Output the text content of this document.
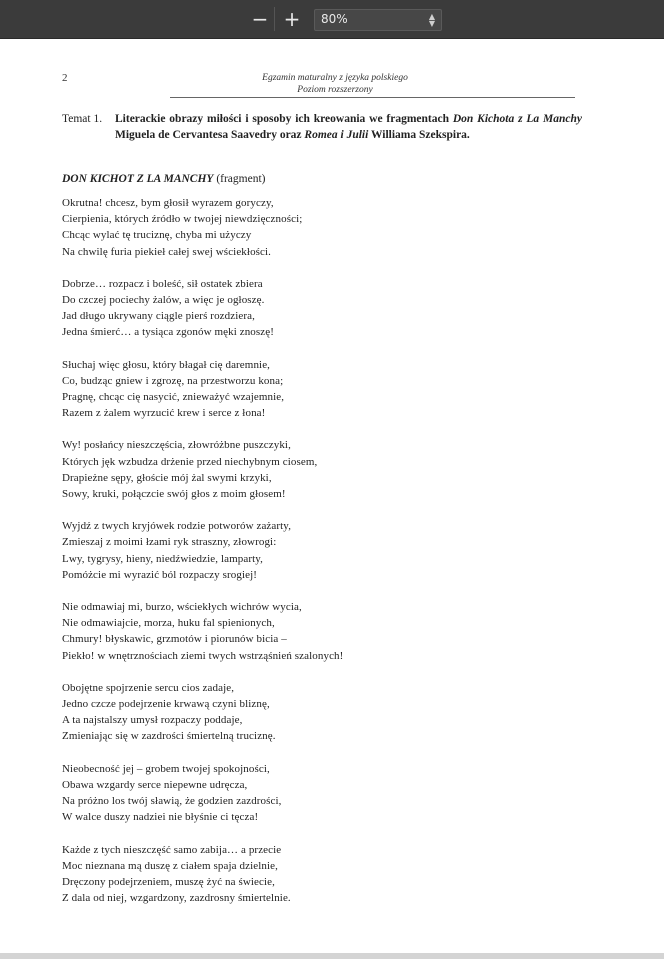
− +	80%	▲
▼
2	Egzamin maturalny z języka polskiego
Poziom rozszerzony
Temat 1. Literackie obrazy miłości i sposoby ich kreowania we fragmentach Don Kichota z La Manchy Miguela de Cervantesa Saavedry oraz Romea i Julii Williama Szekspira.
DON KICHOT Z LA MANCHY (fragment)
Okrutna! chcesz, bym głosił wyrazem goryczy,
Cierpienia, których źródło w twojej niewdzięczności;
Chcąc wylać tę truciznę, chyba mi użyczy
Na chwilę furia piekieł całej swej wściekłości.
Dobrze… rozpacz i boleść, sił ostatek zbiera
Do czczej pociechy żalów, a więc je ogłoszę.
Jad długo ukrywany ciągle pierś rozdziera,
Jedna śmierć… a tysiąca zgonów męki znoszę!
Słuchaj więc głosu, który błagał cię daremnie,
Co, budząc gniew i zgrozę, na przestworzu kona;
Pragnę, chcąc cię nasycić, znieważyć wzajemnie,
Razem z żalem wyrzucić krew i serce z łona!
Wy! posłańcy nieszczęścia, złowróżbne puszczyki,
Których jęk wzbudza drżenie przed niechybnym ciosem,
Drapieżne sępy, głoście mój żal swymi krzyki,
Sowy, kruki, połączcie swój głos z moim głosem!
Wyjdź z twych kryjówek rodzie potworów zażarty,
Zmieszaj z moimi łzami ryk straszny, złowrogi:
Lwy, tygrysy, hieny, niedźwiedzie, lamparty,
Pomóżcie mi wyrazić ból rozpaczy srogiej!
Nie odmawiaj mi, burzo, wściekłych wichrów wycia,
Nie odmawiajcie, morza, huku fal spienionych,
Chmury! błyskawic, grzmotów i piorunów bicia –
Piekło! w wnętrznościach ziemi twych wstrząśnień szalonych!
Obojętne spojrzenie sercu cios zadaje,
Jedno czcze podejrzenie krwawą czyni bliznę,
A ta najstalszy umysł rozpaczy poddaje,
Zmieniając się w zazdrości śmiertelną truciznę.
Nieobecność jej – grobem twojej spokojności,
Obawa wzgardy serce niepewne udręcza,
Na próżno los twój sławią, że godzien zazdrości,
W walce duszy nadziei nie błyśnie ci tęcza!
Każde z tych nieszczęść samo zabija… a przecie
Moc nieznana mą duszę z ciałem spaja dzielnie,
Dręczony podejrzeniem, muszę żyć na świecie,
Z dala od niej, wzgardzony, zazdrosny śmiertelnie.
